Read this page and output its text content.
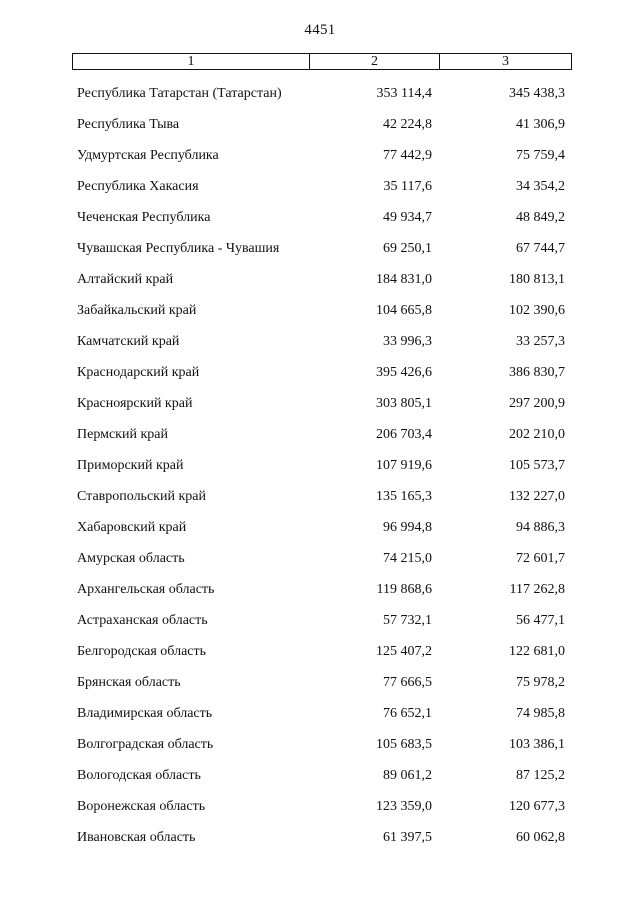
4451
1	2	3
Республика Татарстан (Татарстан)	353 114,4	345 438,3
Республика Тыва	42 224,8	41 306,9
Удмуртская Республика	77 442,9	75 759,4
Республика Хакасия	35 117,6	34 354,2
Чеченская Республика	49 934,7	48 849,2
Чувашская Республика - Чувашия	69 250,1	67 744,7
Алтайский край	184 831,0	180 813,1
Забайкальский край	104 665,8	102 390,6
Камчатский край	33 996,3	33 257,3
Краснодарский край	395 426,6	386 830,7
Красноярский край	303 805,1	297 200,9
Пермский край	206 703,4	202 210,0
Приморский край	107 919,6	105 573,7
Ставропольский край	135 165,3	132 227,0
Хабаровский край	96 994,8	94 886,3
Амурская область	74 215,0	72 601,7
Архангельская область	119 868,6	117 262,8
Астраханская область	57 732,1	56 477,1
Белгородская область	125 407,2	122 681,0
Брянская область	77 666,5	75 978,2
Владимирская область	76 652,1	74 985,8
Волгоградская область	105 683,5	103 386,1
Вологодская область	89 061,2	87 125,2
Воронежская область	123 359,0	120 677,3
Ивановская область	61 397,5	60 062,8
